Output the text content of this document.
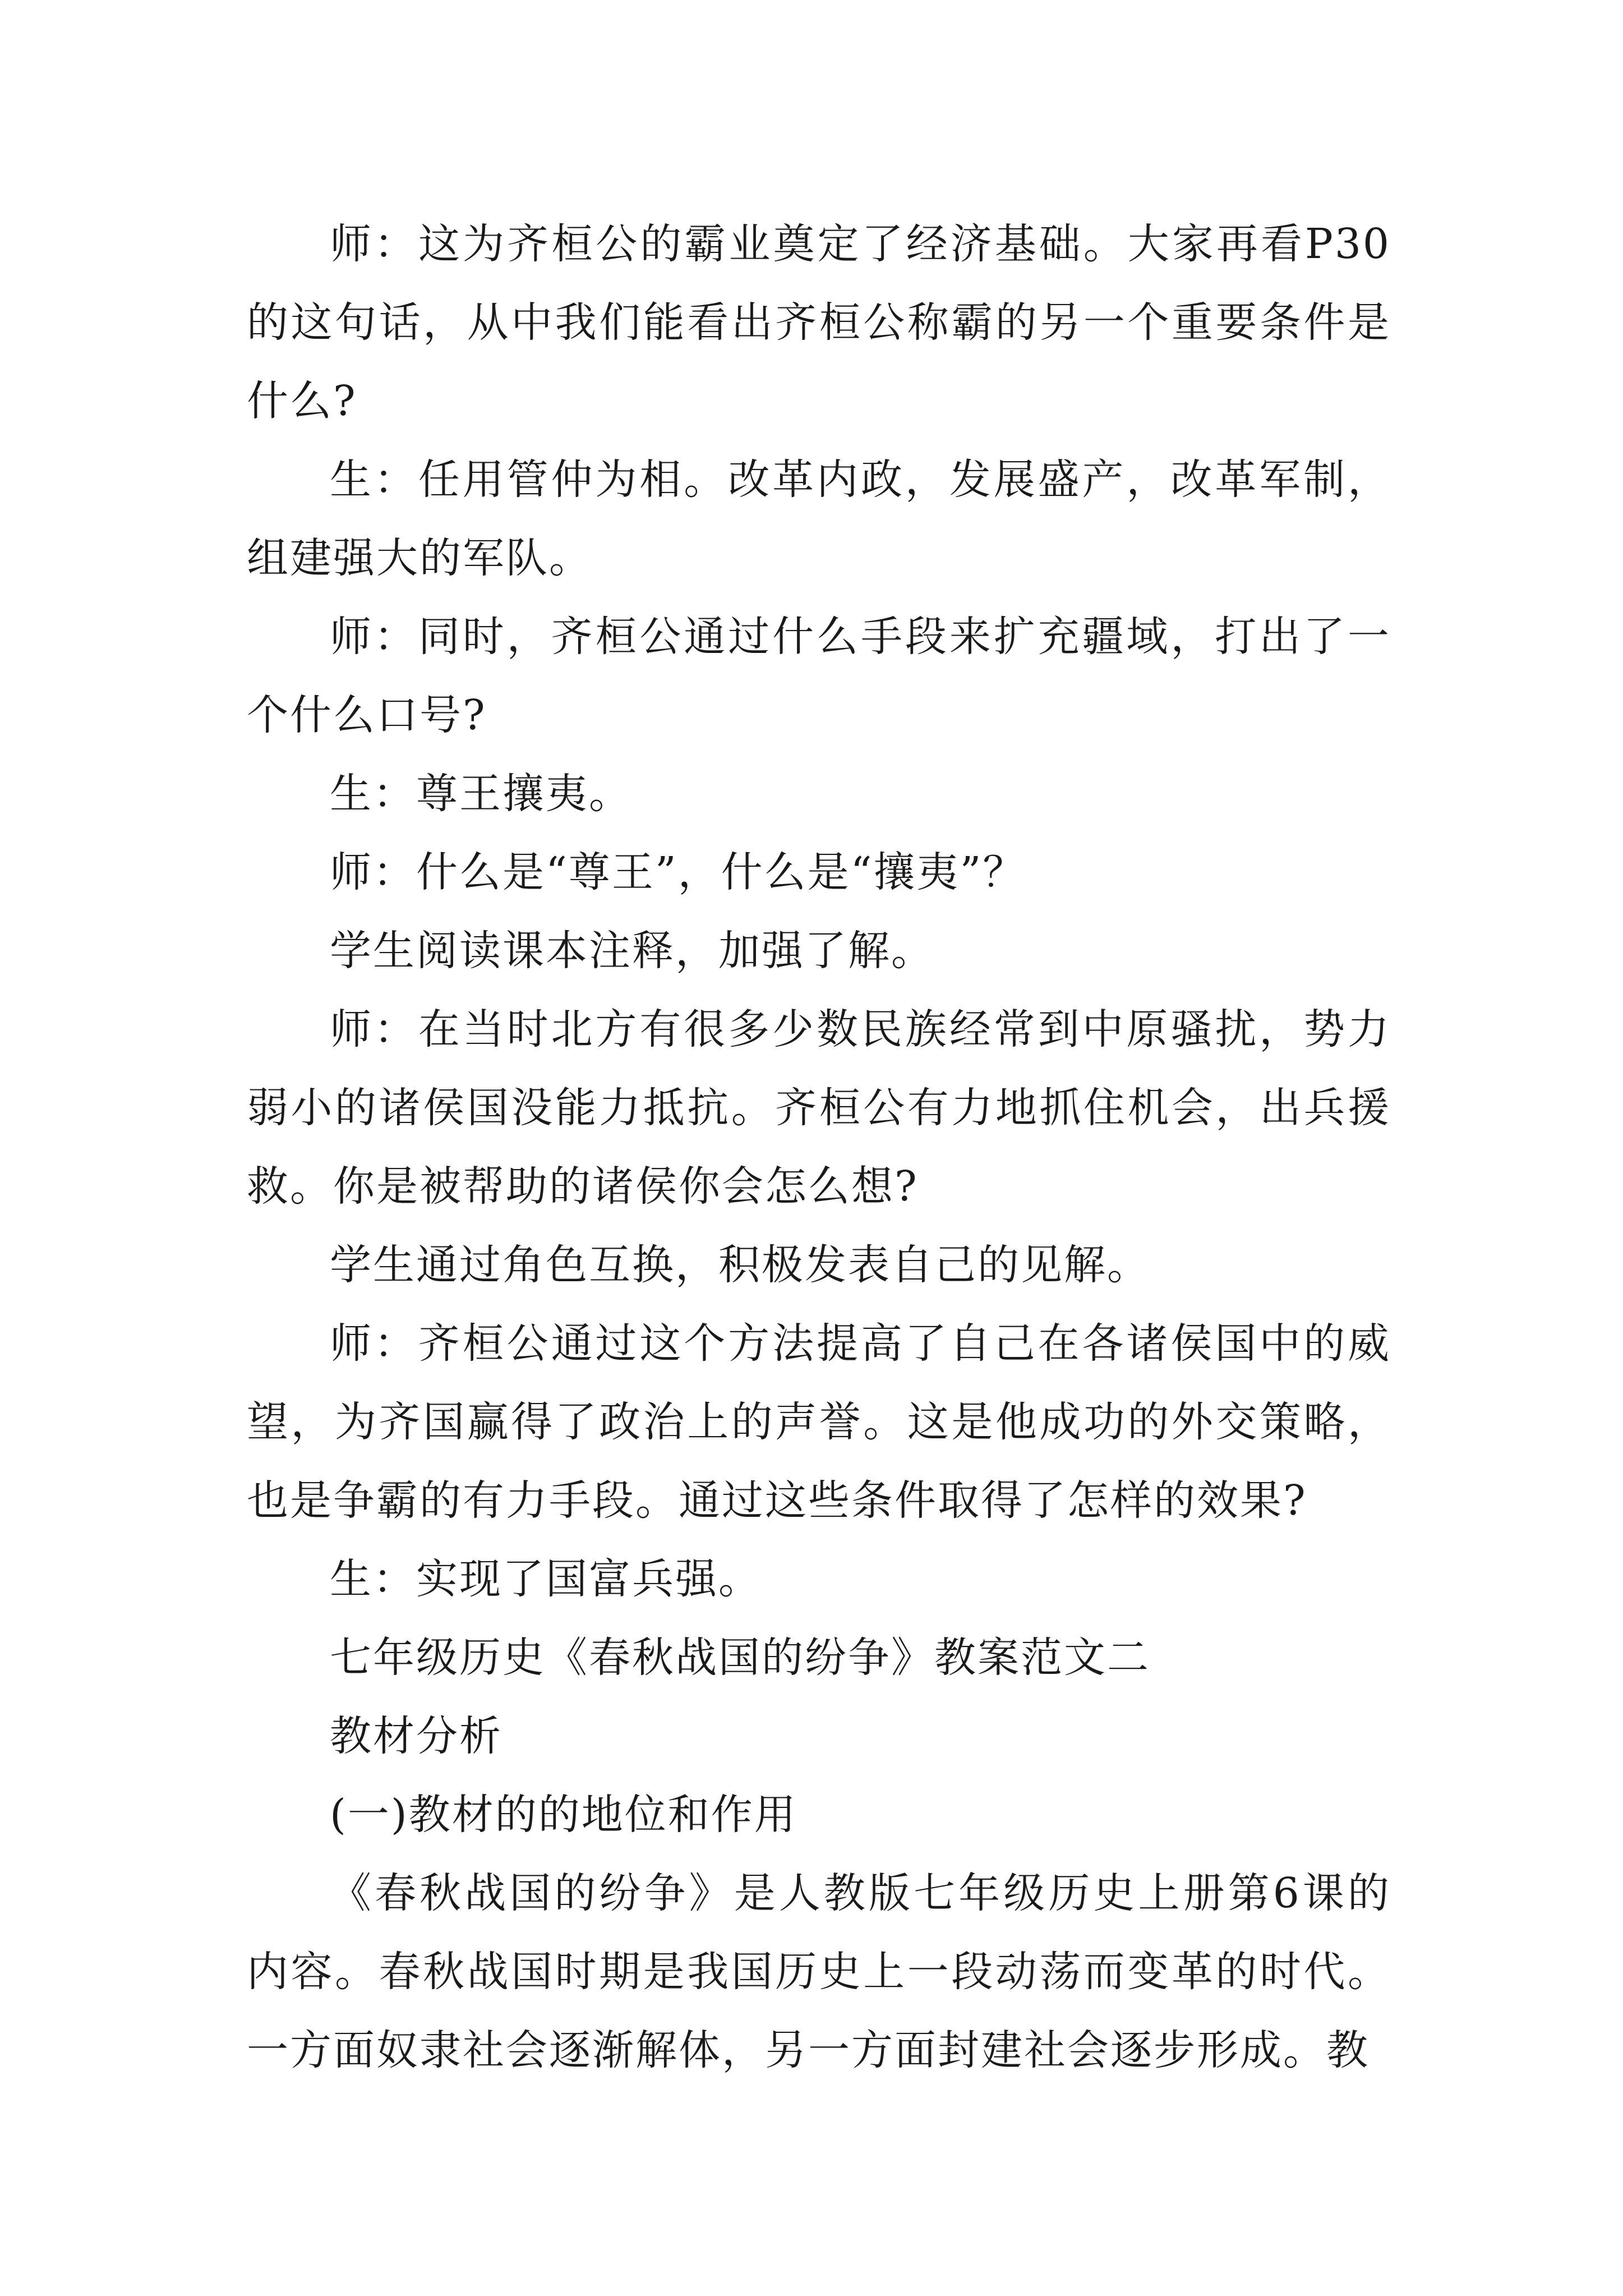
师：这为齐桓公的霸业奠定了经济基础。大家再看P30的这句话，从中我们能看出齐桓公称霸的另一个重要条件是什么?

生：任用管仲为相。改革内政，发展盛产，改革军制，组建强大的军队。

师：同时，齐桓公通过什么手段来扩充疆域，打出了一个什么口号?

生：尊王攘夷。

师：什么是“尊王”，什么是“攘夷”？

学生阅读课本注释，加强了解。

师：在当时北方有很多少数民族经常到中原骚扰，势力弱小的诸侯国没能力抵抗。齐桓公有力地抓住机会，出兵援救。你是被帮助的诸侯你会怎么想?

学生通过角色互换，积极发表自己的见解。

师：齐桓公通过这个方法提高了自己在各诸侯国中的威望，为齐国赢得了政治上的声誉。这是他成功的外交策略，也是争霸的有力手段。通过这些条件取得了怎样的效果?

生：实现了国富兵强。

七年级历史《春秋战国的纷争》教案范文二

教材分析

(一)教材的的地位和作用

《春秋战国的纷争》是人教版七年级历史上册第6课的内容。春秋战国时期是我国历史上一段动荡而变革的时代。一方面奴隶社会逐渐解体，另一方面封建社会逐步形成。教
